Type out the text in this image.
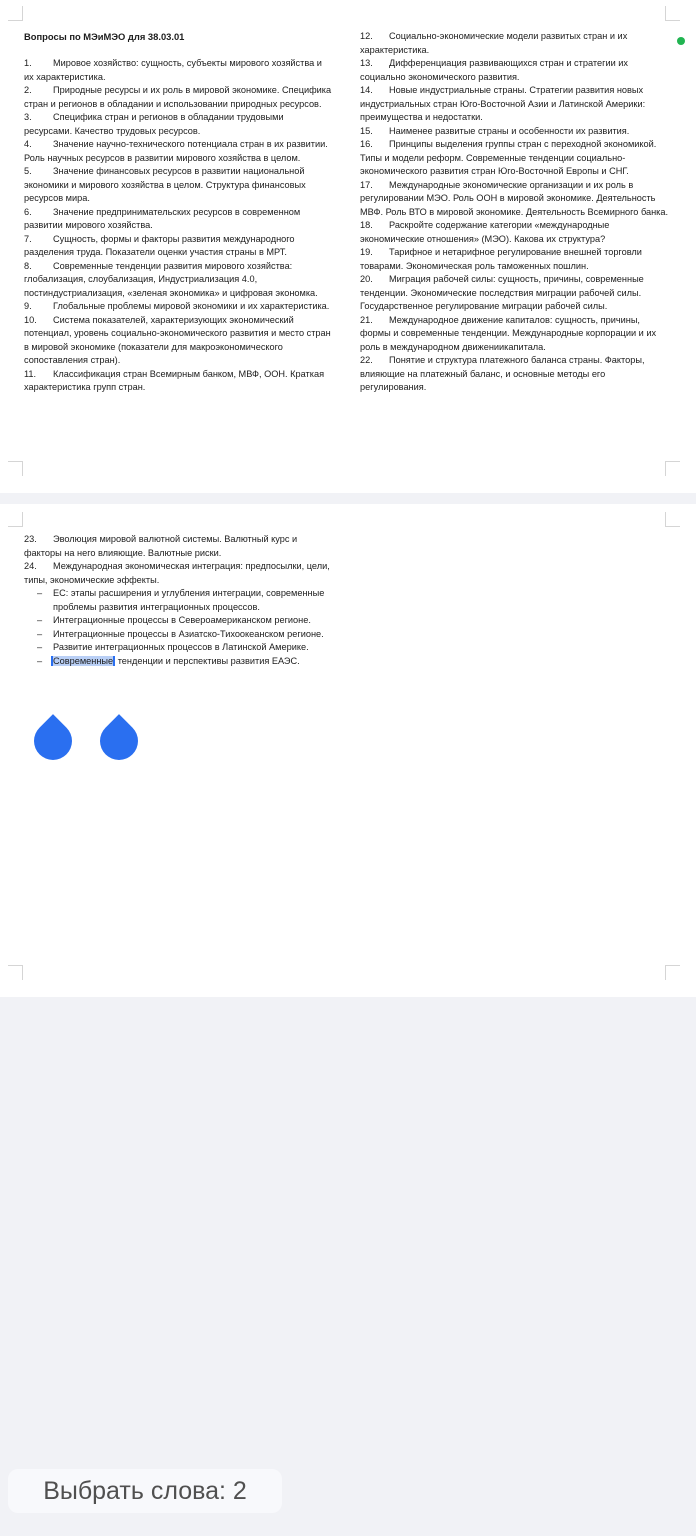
Вопросы по МЭиМЭО для 38.03.01

1. Мировое хозяйство: сущность, субъекты мирового хозяйства и их характеристика.

2. Природные ресурсы и их роль в мировой экономике. Специфика стран и регионов в обладании и использовании природных ресурсов.

3. Специфика стран и регионов в обладании трудовыми ресурсами. Качество трудовых ресурсов.

4. Значение научно-технического потенциала стран в их развитии. Роль научных ресурсов в развитии мирового хозяйства в целом.

5. Значение финансовых ресурсов в развитии национальной экономики и мирового хозяйства в целом. Структура финансовых ресурсов мира.

6. Значение предпринимательских ресурсов в современном развитии мирового хозяйства.

7. Сущность, формы и факторы развития международного разделения труда. Показатели оценки участия страны в МРТ.

8. Современные тенденции развития мирового хозяйства: глобализация, слоубализация, Индустриализация 4.0, постиндустриализация, «зеленая экономика» и цифровая экономка.

9. Глобальные проблемы мировой экономики и их характеристика.

10. Система показателей, характеризующих экономический потенциал, уровень социально-экономического развития и место стран в мировой экономике (показатели для макроэкономического сопоставления стран).

11. Классификация стран Всемирным банком, МВФ, ООН. Краткая характеристика групп стран.

12. Социально-экономические модели развитых стран и их характеристика.

13. Дифференциация развивающихся стран и стратегии их социально экономического развития.

14. Новые индустриальные страны. Стратегии развития новых индустриальных стран Юго-Восточной Азии и Латинской Америки: преимущества и недостатки.

15. Наименее развитые страны и особенности их развития.

16. Принципы выделения группы стран с переходной экономикой. Типы и модели реформ. Современные тенденции социально-экономического развития стран Юго-Восточной Европы и СНГ.

17. Международные экономические организации и их роль в регулировании МЭО. Роль ООН в мировой экономике. Деятельность МВФ. Роль ВТО в мировой экономике. Деятельность Всемирного банка.

18. Раскройте содержание категории «международные экономические отношения» (МЭО). Какова их структура?

19. Тарифное и нетарифное регулирование внешней торговли товарами. Экономическая роль таможенных пошлин.

20. Миграция рабочей силы: сущность, причины, современные тенденции. Экономические последствия миграции рабочей силы. Государственное регулирование миграции рабочей силы.

21. Международное движение капиталов: сущность, причины, формы и современные тенденции. Международные корпорации и их роль в международном движениикапитала.

22. Понятие и структура платежного баланса страны. Факторы, влияющие на платежный баланс, и основные методы его регулирования.

23. Эволюция мировой валютной системы. Валютный курс и факторы на него влияющие. Валютные риски.

24. Международная экономическая интеграция: предпосылки, цели, типы, экономические эффекты.

– ЕС: этапы расширения и углубления интеграции, современные проблемы развития интеграционных процессов.

– Интеграционные процессы в Североамериканском регионе.

– Интеграционные процессы в Азиатско-Тихоокеанском регионе.

– Развитие интеграционных процессов в Латинской Америке.

– Современные тенденции и перспективы развития ЕАЭС.

Выбрать слова: 2
